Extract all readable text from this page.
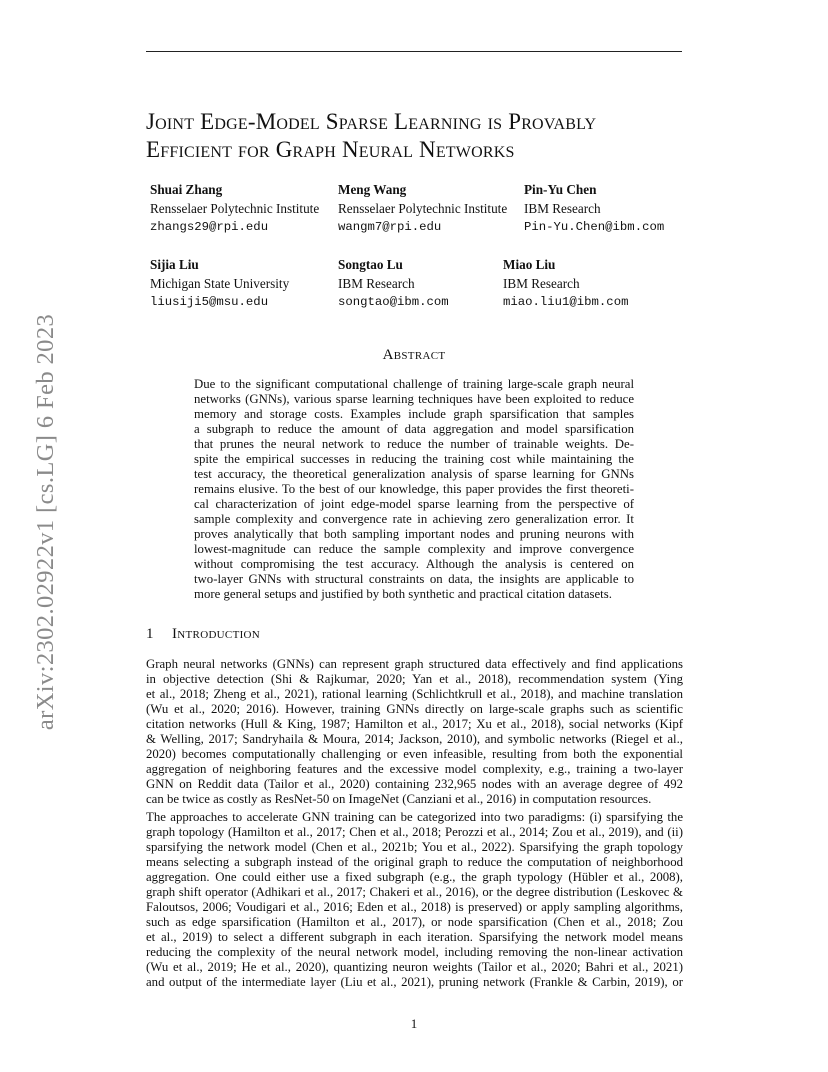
arXiv:2302.02922v1 [cs.LG] 6 Feb 2023
Joint Edge-Model Sparse Learning is Provably
Efficient for Graph Neural Networks
Shuai Zhang
Rensselaer Polytechnic Institute
zhangs29@rpi.edu
Meng Wang
Rensselaer Polytechnic Institute
wangm7@rpi.edu
Pin-Yu Chen
IBM Research
Pin-Yu.Chen@ibm.com
Sijia Liu
Michigan State University
liusiji5@msu.edu
Songtao Lu
IBM Research
songtao@ibm.com
Miao Liu
IBM Research
miao.liu1@ibm.com
Abstract
Due to the significant computational challenge of training large-scale graph neural
networks (GNNs), various sparse learning techniques have been exploited to reduce
memory and storage costs. Examples include graph sparsification that samples
a subgraph to reduce the amount of data aggregation and model sparsification
that prunes the neural network to reduce the number of trainable weights. De-
spite the empirical successes in reducing the training cost while maintaining the
test accuracy, the theoretical generalization analysis of sparse learning for GNNs
remains elusive. To the best of our knowledge, this paper provides the first theoreti-
cal characterization of joint edge-model sparse learning from the perspective of
sample complexity and convergence rate in achieving zero generalization error. It
proves analytically that both sampling important nodes and pruning neurons with
lowest-magnitude can reduce the sample complexity and improve convergence
without compromising the test accuracy. Although the analysis is centered on
two-layer GNNs with structural constraints on data, the insights are applicable to
more general setups and justified by both synthetic and practical citation datasets.
1 Introduction
Graph neural networks (GNNs) can represent graph structured data effectively and find applications
in objective detection (Shi & Rajkumar, 2020; Yan et al., 2018), recommendation system (Ying
et al., 2018; Zheng et al., 2021), rational learning (Schlichtkrull et al., 2018), and machine translation
(Wu et al., 2020; 2016). However, training GNNs directly on large-scale graphs such as scientific
citation networks (Hull & King, 1987; Hamilton et al., 2017; Xu et al., 2018), social networks (Kipf
& Welling, 2017; Sandryhaila & Moura, 2014; Jackson, 2010), and symbolic networks (Riegel et al.,
2020) becomes computationally challenging or even infeasible, resulting from both the exponential
aggregation of neighboring features and the excessive model complexity, e.g., training a two-layer
GNN on Reddit data (Tailor et al., 2020) containing 232,965 nodes with an average degree of 492
can be twice as costly as ResNet-50 on ImageNet (Canziani et al., 2016) in computation resources.
The approaches to accelerate GNN training can be categorized into two paradigms: (i) sparsifying the
graph topology (Hamilton et al., 2017; Chen et al., 2018; Perozzi et al., 2014; Zou et al., 2019), and (ii)
sparsifying the network model (Chen et al., 2021b; You et al., 2022). Sparsifying the graph topology
means selecting a subgraph instead of the original graph to reduce the computation of neighborhood
aggregation. One could either use a fixed subgraph (e.g., the graph typology (Hübler et al., 2008),
graph shift operator (Adhikari et al., 2017; Chakeri et al., 2016), or the degree distribution (Leskovec &
Faloutsos, 2006; Voudigari et al., 2016; Eden et al., 2018) is preserved) or apply sampling algorithms,
such as edge sparsification (Hamilton et al., 2017), or node sparsification (Chen et al., 2018; Zou
et al., 2019) to select a different subgraph in each iteration. Sparsifying the network model means
reducing the complexity of the neural network model, including removing the non-linear activation
(Wu et al., 2019; He et al., 2020), quantizing neuron weights (Tailor et al., 2020; Bahri et al., 2021)
and output of the intermediate layer (Liu et al., 2021), pruning network (Frankle & Carbin, 2019), or
1
